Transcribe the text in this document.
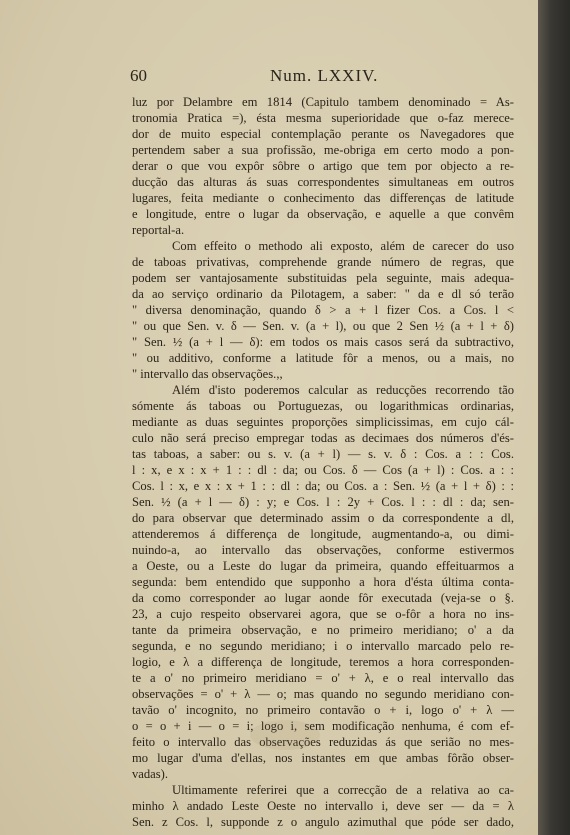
60	Num. LXXIV.

luz por Delambre em 1814 (Capitulo tambem denominado = As-
tronomia Pratica =), ésta mesma superioridade que o-faz merece-
dor de muito especial contemplação perante os Navegadores que
pertendem saber a sua profissão, me-obriga em certo modo a pon-
derar o que vou expôr sôbre o artigo que tem por objecto a re-
ducção das alturas ás suas correspondentes simultaneas em outros
lugares, feita mediante o conhecimento das differenças de latitude
e longitude, entre o lugar da observação, e aquelle a que convêm
reportal-a.

Com effeito o methodo ali exposto, além de carecer do uso
de taboas privativas, comprehende grande número de regras, que
podem ser vantajosamente substituidas pela seguinte, mais adequa-
da ao serviço ordinario da Pilotagem, a saber: " da e dl só terão
" diversa denominação, quando δ > a + l fizer Cos. a Cos. l <
" ou que Sen. v. δ — Sen. v. (a + l), ou que 2 Sen ½ (a + l + δ)
" Sen. ½ (a + l — δ): em todos os mais casos será da subtractivo,
" ou additivo, conforme a latitude fôr a menos, ou a mais, no
" intervallo das observações.,,

Além d'isto poderemos calcular as reducções recorrendo tão
sómente ás taboas ou Portuguezas, ou logarithmicas ordinarias,
mediante as duas seguintes proporções simplicissimas, em cujo cál-
culo não será preciso empregar todas as decimaes dos números d'és-
tas taboas, a saber: ou s. v. (a + l) — s. v. δ : Cos. a : : Cos.
l : x, e x : x + 1 : : dl : da; ou Cos. δ — Cos (a + l) : Cos. a : :
Cos. l : x, e x : x + 1 : : dl : da; ou Cos. a : Sen. ½ (a + l + δ) : :
Sen. ½ (a + l — δ) : y; e Cos. l : 2y + Cos. l : : dl : da; sen-
do para observar que determinado assim o da correspondente a dl,
attenderemos á differença de longitude, augmentando-a, ou dimi-
nuindo-a, ao intervallo das observações, conforme estivermos
a Oeste, ou a Leste do lugar da primeira, quando effeituarmos a
segunda: bem entendido que supponho a hora d'ésta última conta-
da como corresponder ao lugar aonde fôr executada (veja-se o §.
23, a cujo respeito observarei agora, que se o-fôr a hora no ins-
tante da primeira observação, e no primeiro meridiano; o' a da
segunda, e no segundo meridiano; i o intervallo marcado pelo re-
logio, e λ a differença de longitude, teremos a hora corresponden-
te a o' no primeiro meridiano = o' + λ, e o real intervallo das
observações = o' + λ — o; mas quando no segundo meridiano con-
tavão o' incognito, no primeiro contavão o + i, logo o' + λ —
o = o + i — o = i; logo i, sem modificação nenhuma, é com ef-
feito o intervallo das observações reduzidas ás que serião no mes-
mo lugar d'uma d'ellas, nos instantes em que ambas fôrão obser-
vadas).

Ultimamente referirei que a correcção de a relativa ao ca-
minho λ andado Leste Oeste no intervallo i, deve ser — da = λ
Sen. z Cos. l, supponde z o angulo azimuthal que póde ser dado,
